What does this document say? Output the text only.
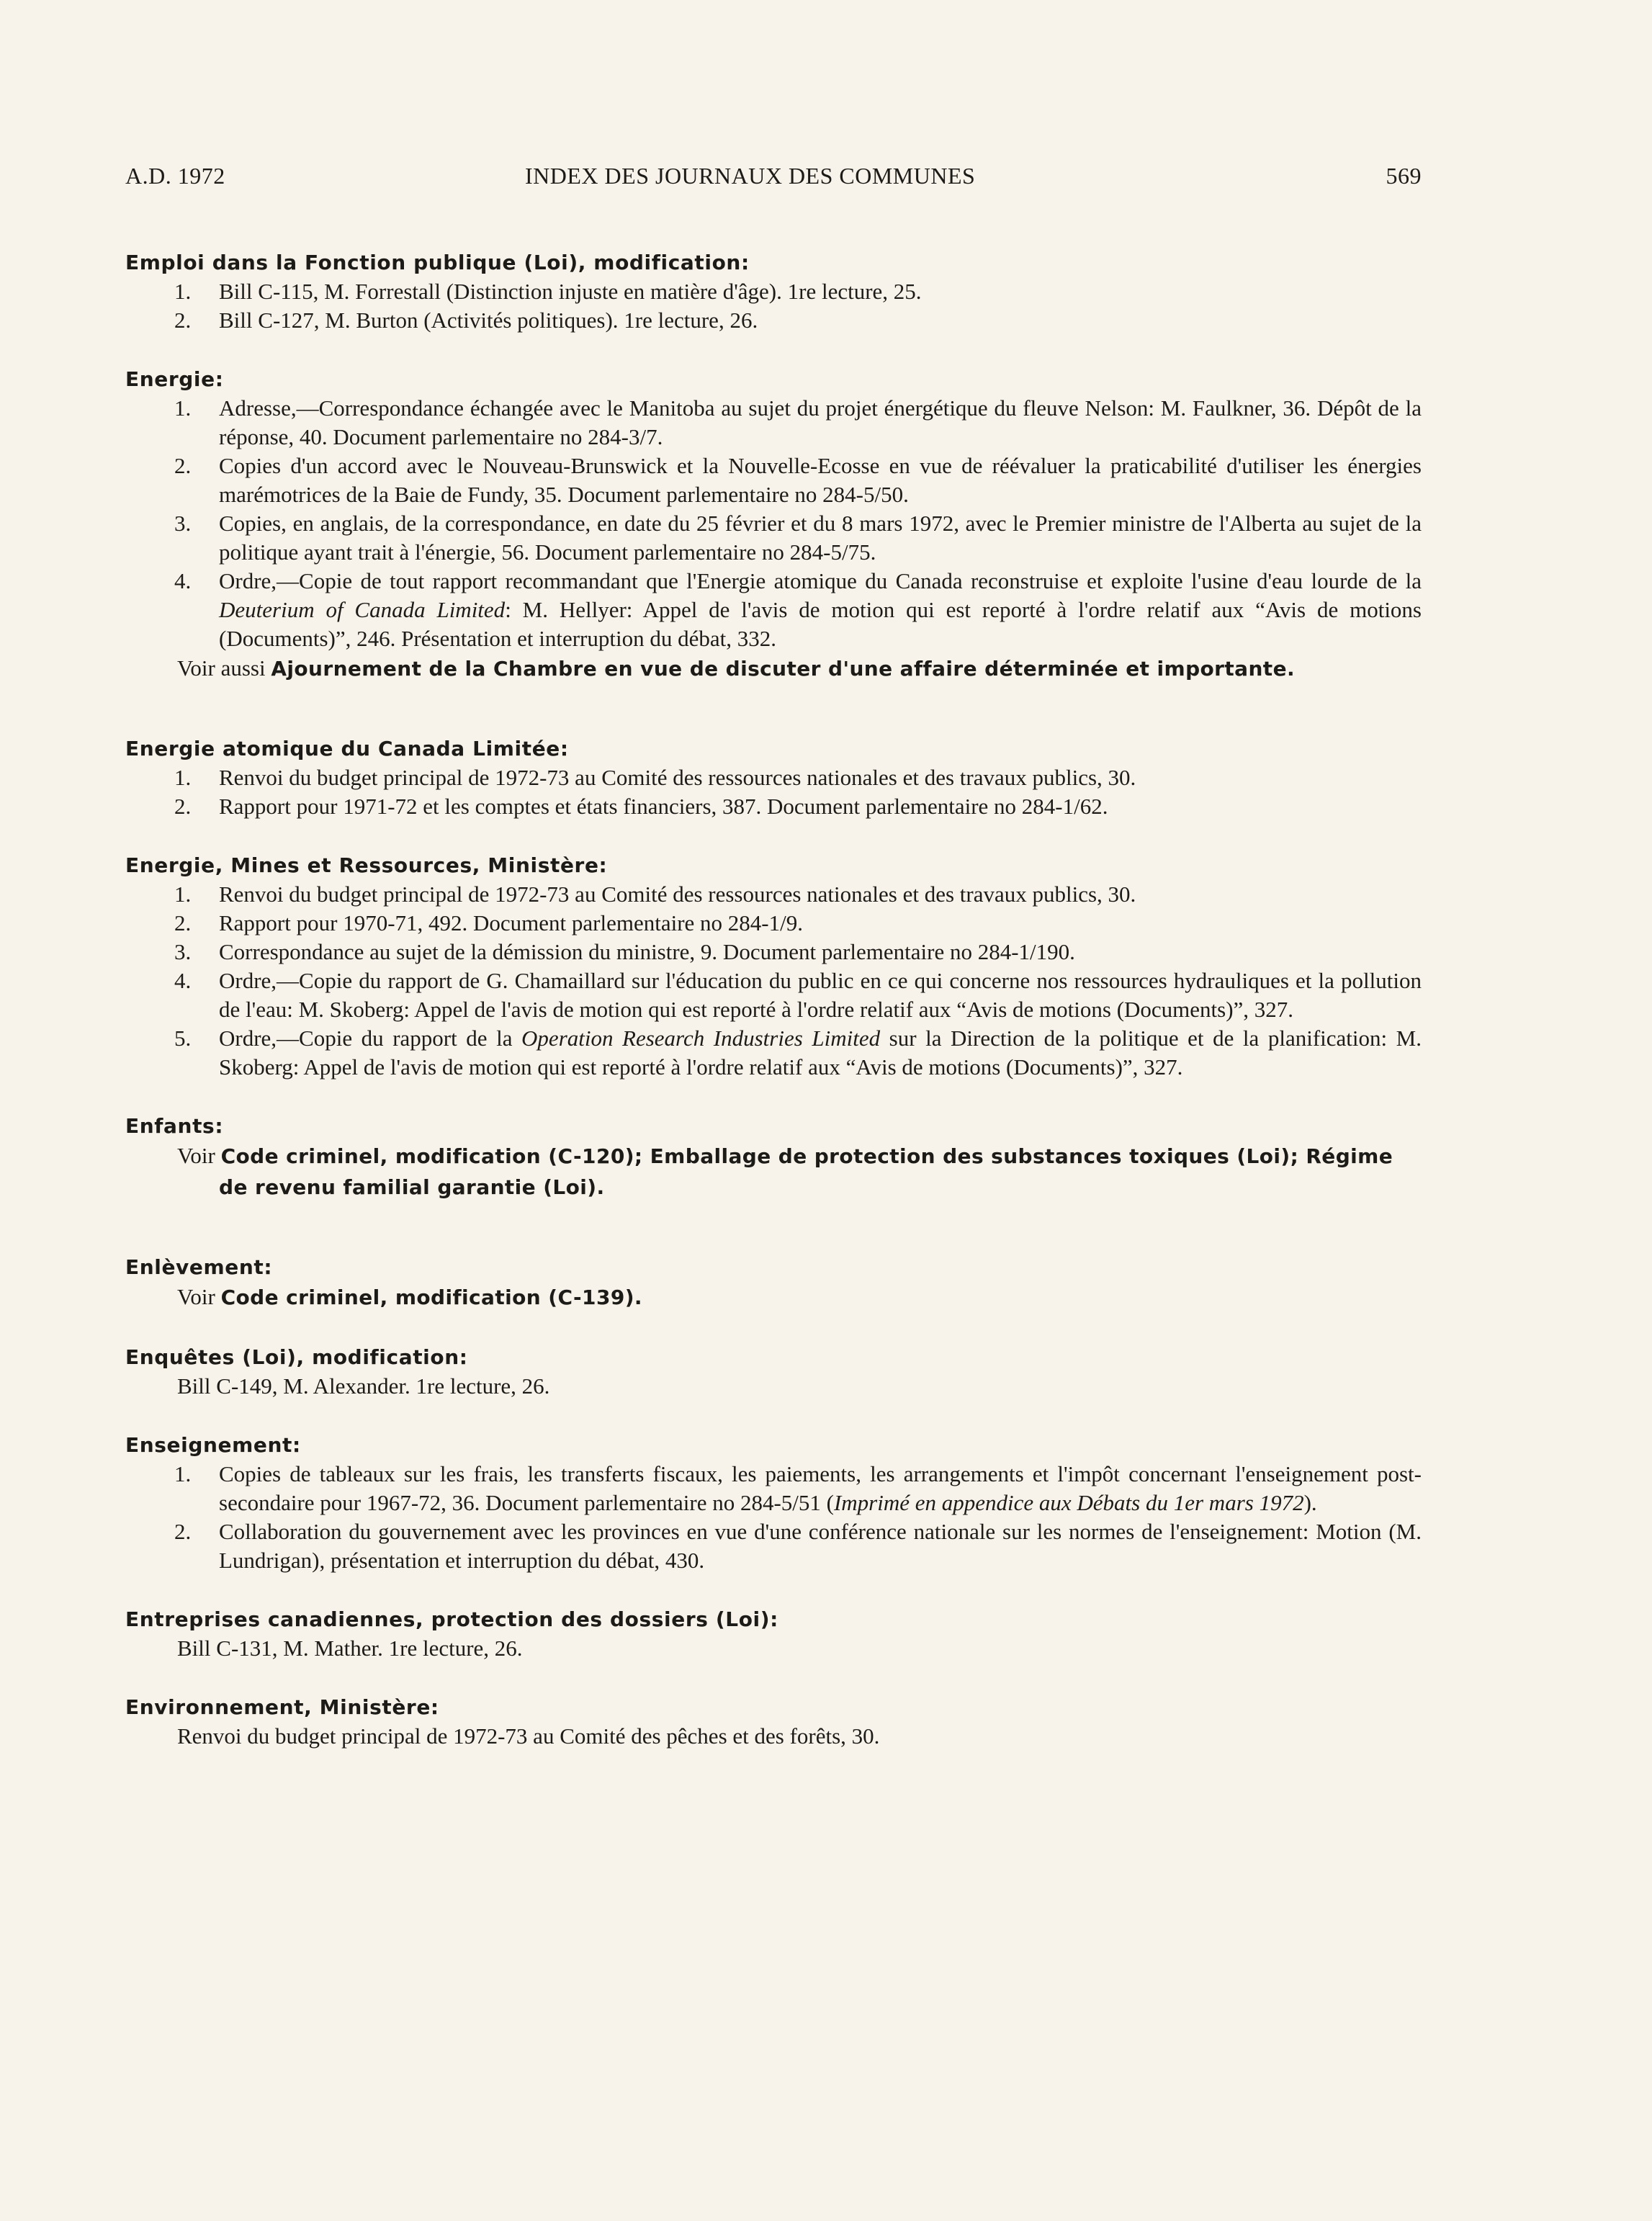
A.D. 1972	INDEX DES JOURNAUX DES COMMUNES	569
Emploi dans la Fonction publique (Loi), modification:
1. Bill C-115, M. Forrestall (Distinction injuste en matière d'âge). 1re lecture, 25.
2. Bill C-127, M. Burton (Activités politiques). 1re lecture, 26.
Energie:
1. Adresse,—Correspondance échangée avec le Manitoba au sujet du projet énergétique du fleuve Nelson: M. Faulkner, 36. Dépôt de la réponse, 40. Document parlementaire no 284-3/7.
2. Copies d'un accord avec le Nouveau-Brunswick et la Nouvelle-Ecosse en vue de réévaluer la praticabilité d'utiliser les énergies marémotrices de la Baie de Fundy, 35. Document parlementaire no 284-5/50.
3. Copies, en anglais, de la correspondance, en date du 25 février et du 8 mars 1972, avec le Premier ministre de l'Alberta au sujet de la politique ayant trait à l'énergie, 56. Document parlementaire no 284-5/75.
4. Ordre,—Copie de tout rapport recommandant que l'Energie atomique du Canada reconstruise et exploite l'usine d'eau lourde de la Deuterium of Canada Limited: M. Hellyer: Appel de l'avis de motion qui est reporté à l'ordre relatif aux “Avis de motions (Documents)”, 246. Présentation et interruption du débat, 332.
Voir aussi Ajournement de la Chambre en vue de discuter d'une affaire déterminée et importante.
Energie atomique du Canada Limitée:
1. Renvoi du budget principal de 1972-73 au Comité des ressources nationales et des travaux publics, 30.
2. Rapport pour 1971-72 et les comptes et états financiers, 387. Document parlementaire no 284-1/62.
Energie, Mines et Ressources, Ministère:
1. Renvoi du budget principal de 1972-73 au Comité des ressources nationales et des travaux publics, 30.
2. Rapport pour 1970-71, 492. Document parlementaire no 284-1/9.
3. Correspondance au sujet de la démission du ministre, 9. Document parlementaire no 284-1/190.
4. Ordre,—Copie du rapport de G. Chamaillard sur l'éducation du public en ce qui concerne nos ressources hydrauliques et la pollution de l'eau: M. Skoberg: Appel de l'avis de motion qui est reporté à l'ordre relatif aux “Avis de motions (Documents)”, 327.
5. Ordre,—Copie du rapport de la Operation Research Industries Limited sur la Direction de la politique et de la planification: M. Skoberg: Appel de l'avis de motion qui est reporté à l'ordre relatif aux “Avis de motions (Documents)”, 327.
Enfants:
Voir Code criminel, modification (C-120); Emballage de protection des substances toxiques (Loi); Régime
de revenu familial garantie (Loi).
Enlèvement:
Voir Code criminel, modification (C-139).
Enquêtes (Loi), modification:
Bill C-149, M. Alexander. 1re lecture, 26.
Enseignement:
1. Copies de tableaux sur les frais, les transferts fiscaux, les paiements, les arrangements et l'impôt concernant l'enseignement post-secondaire pour 1967-72, 36. Document parlementaire no 284-5/51 (Imprimé en appendice aux Débats du 1er mars 1972).
2. Collaboration du gouvernement avec les provinces en vue d'une conférence nationale sur les normes de l'enseignement: Motion (M. Lundrigan), présentation et interruption du débat, 430.
Entreprises canadiennes, protection des dossiers (Loi):
Bill C-131, M. Mather. 1re lecture, 26.
Environnement, Ministère:
Renvoi du budget principal de 1972-73 au Comité des pêches et des forêts, 30.
